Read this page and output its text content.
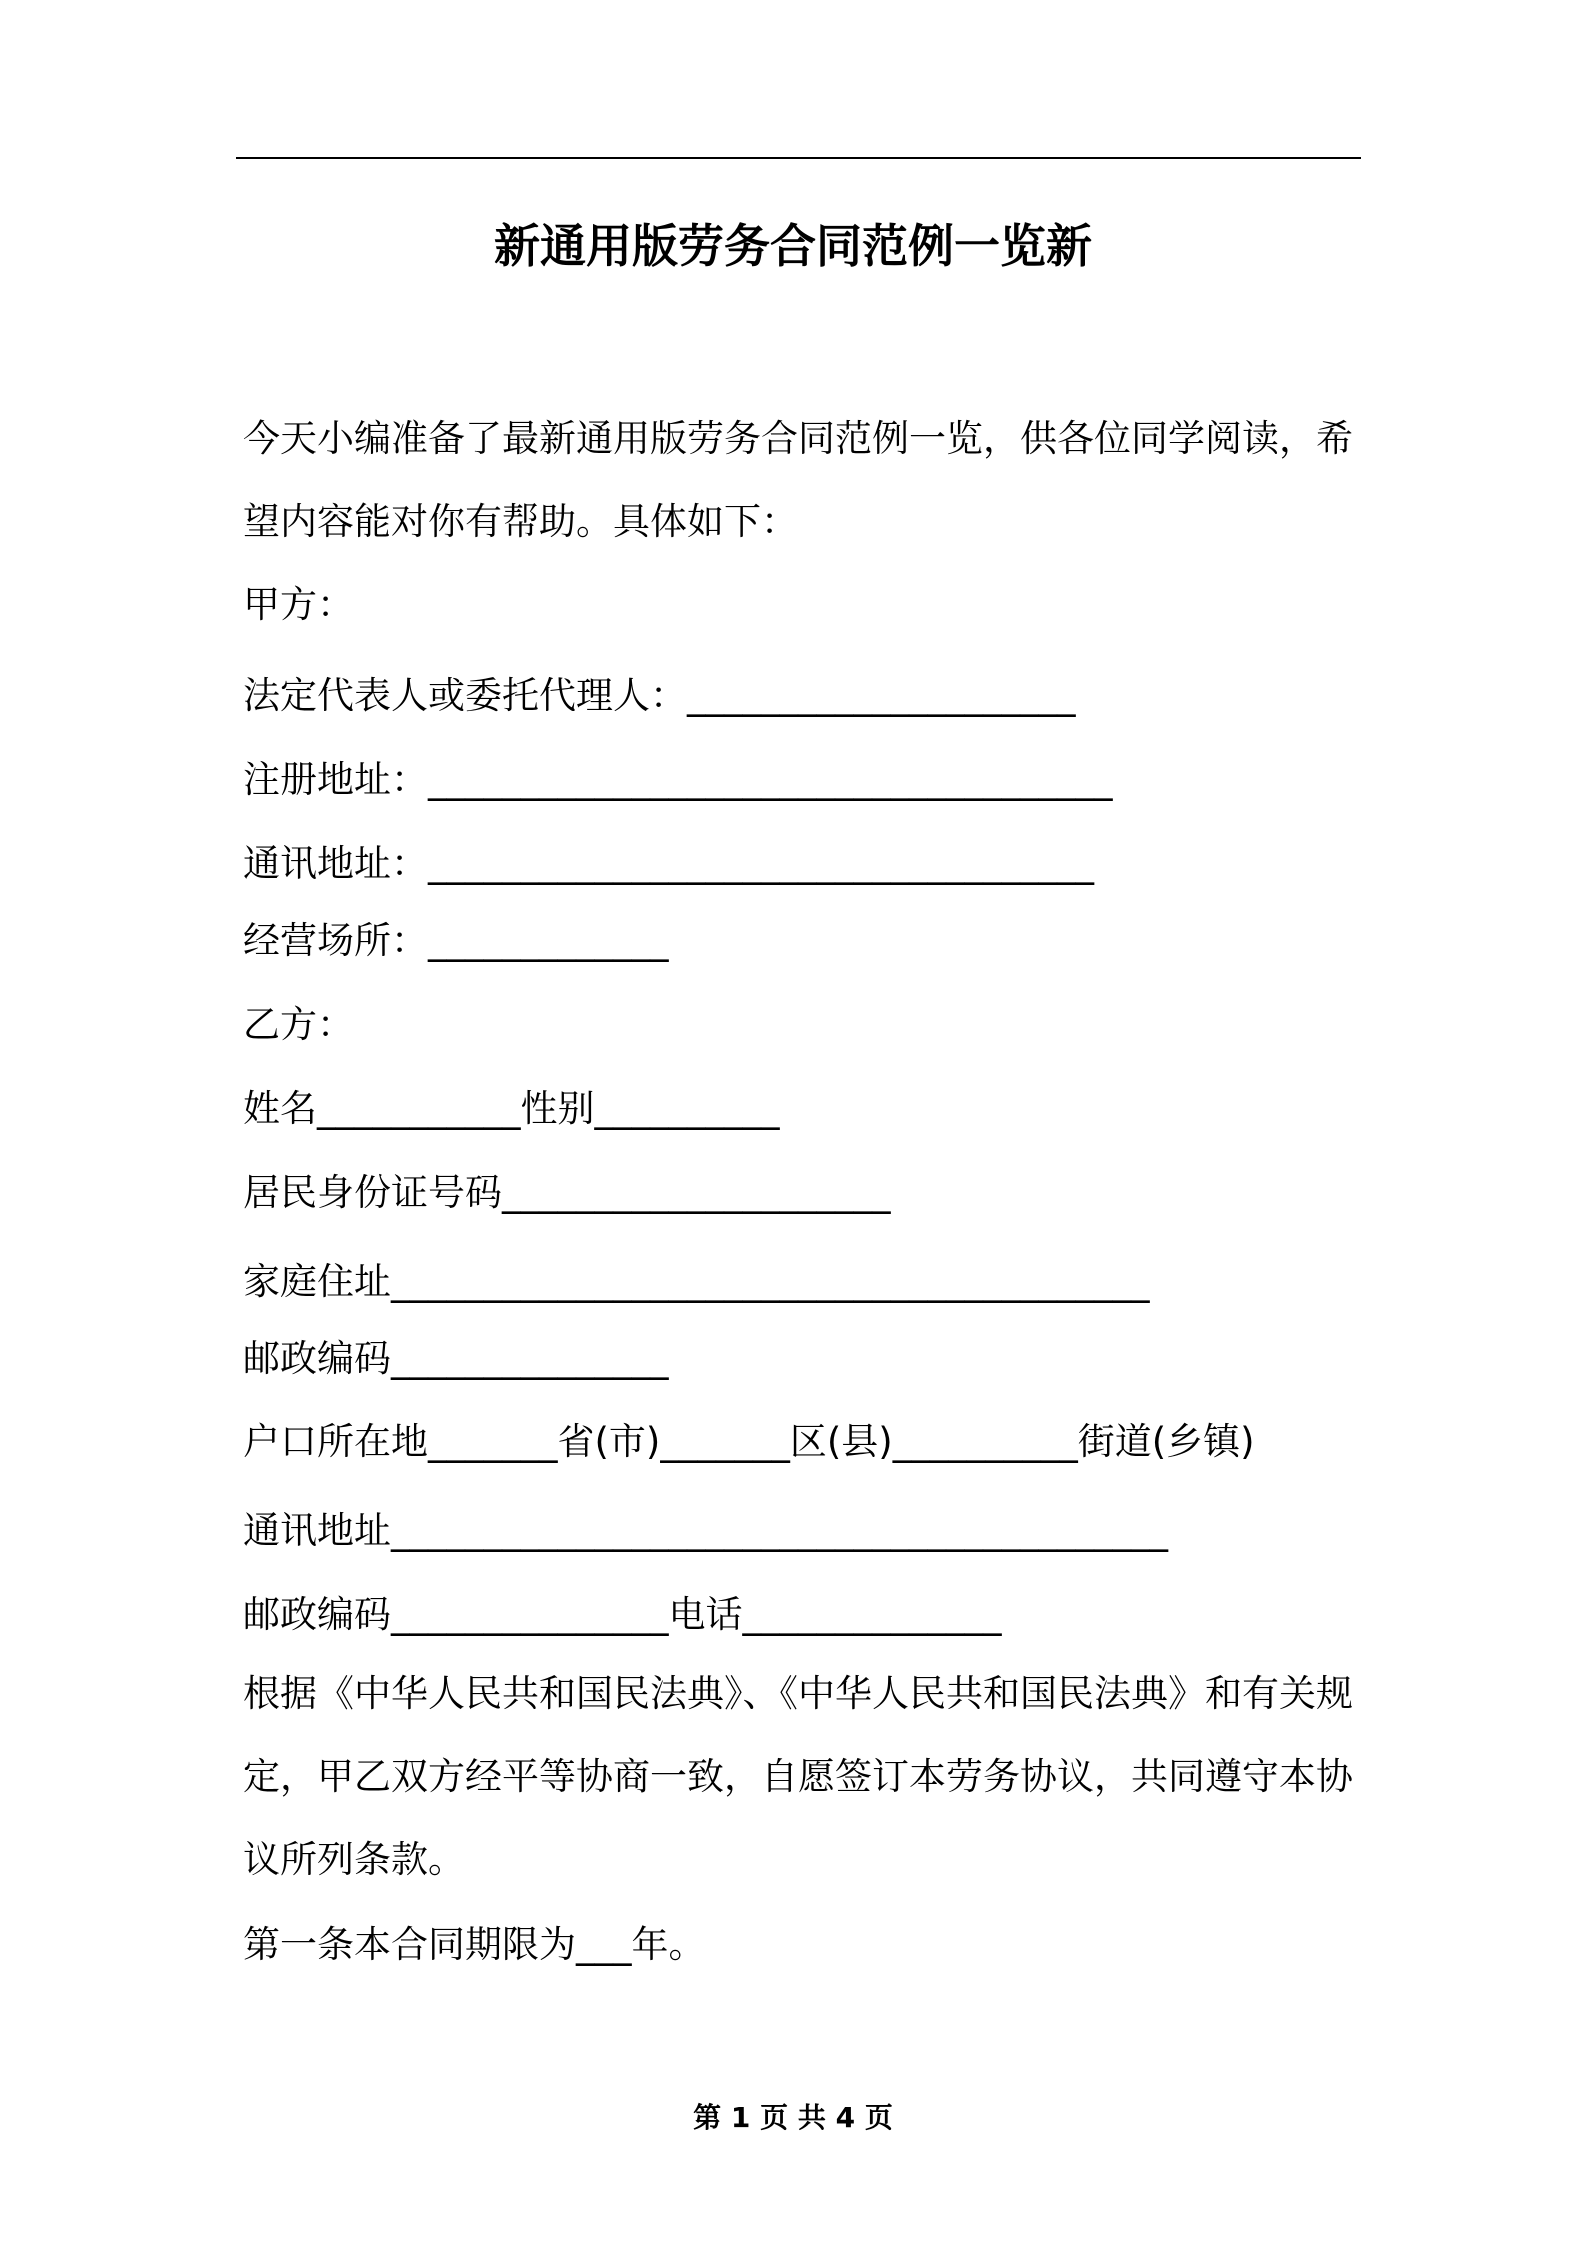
新通用版劳务合同范例一览新
今天小编准备了最新通用版劳务合同范例一览，供各位同学阅读，希
望内容能对你有帮助。具体如下：
甲方：
法定代表人或委托代理人：_____________________
注册地址：_____________________________________
通讯地址：____________________________________
经营场所：_____________
乙方：
姓名___________性别__________
居民身份证号码_____________________
家庭住址_________________________________________
邮政编码_______________
户口所在地_______省(市)_______区(县)__________街道(乡镇)
通讯地址__________________________________________
邮政编码_______________电话______________
根据《中华人民共和国民法典》、《中华人民共和国民法典》和有关规
定，甲乙双方经平等协商一致，自愿签订本劳务协议，共同遵守本协
议所列条款。
第一条本合同期限为___年。
第 1 页 共 4 页
